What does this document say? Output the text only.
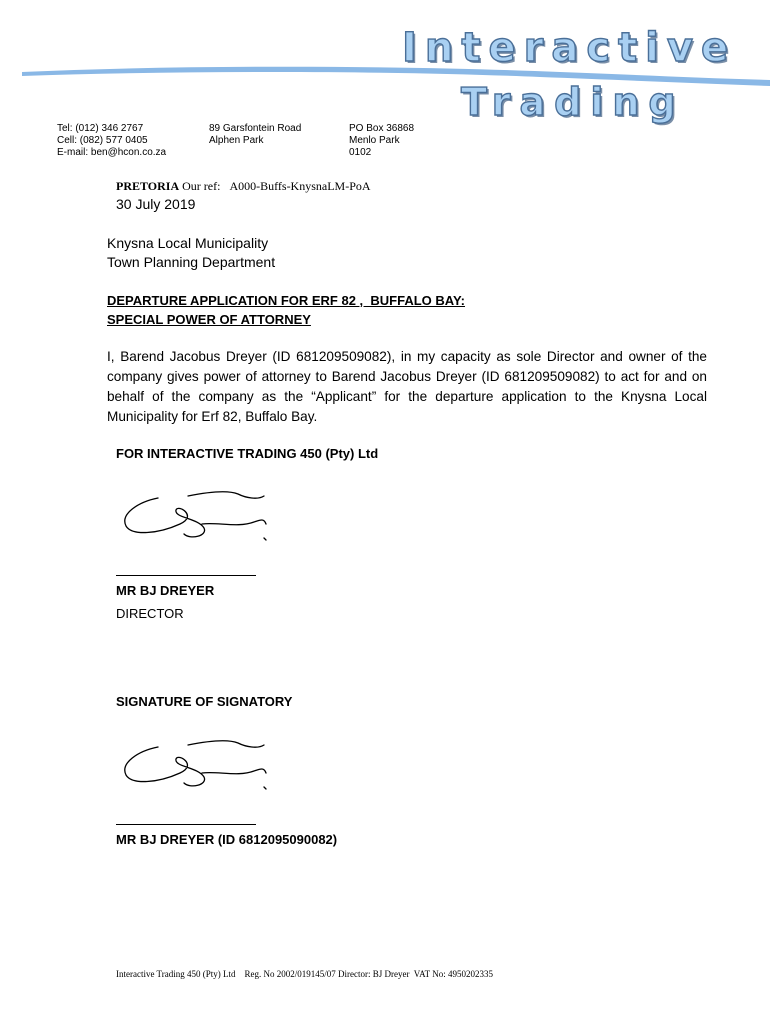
Interactive
Trading
Tel: (012) 346 2767
Cell: (082) 577 0405
E-mail: ben@hcon.co.za
89 Garsfontein Road
Alphen Park
PO Box 36868
Menlo Park
0102
PRETORIA Our ref: A000-Buffs-KnysnaLM-PoA
30 July 2019
Knysna Local Municipality
Town Planning Department
DEPARTURE APPLICATION FOR ERF 82 ,  BUFFALO BAY:
SPECIAL POWER OF ATTORNEY
I, Barend Jacobus Dreyer (ID 681209509082), in my capacity as sole Director and owner of the company gives power of attorney to Barend Jacobus Dreyer (ID 681209509082) to act for and on behalf of the company as the “Applicant” for the departure application to the Knysna Local Municipality for Erf 82, Buffalo Bay.
FOR INTERACTIVE TRADING 450 (Pty) Ltd
MR BJ DREYER
DIRECTOR
SIGNATURE OF SIGNATORY
MR BJ DREYER (ID 6812095090082)
Interactive Trading 450 (Pty) Ltd    Reg. No 2002/019145/07 Director: BJ Dreyer  VAT No: 4950202335
